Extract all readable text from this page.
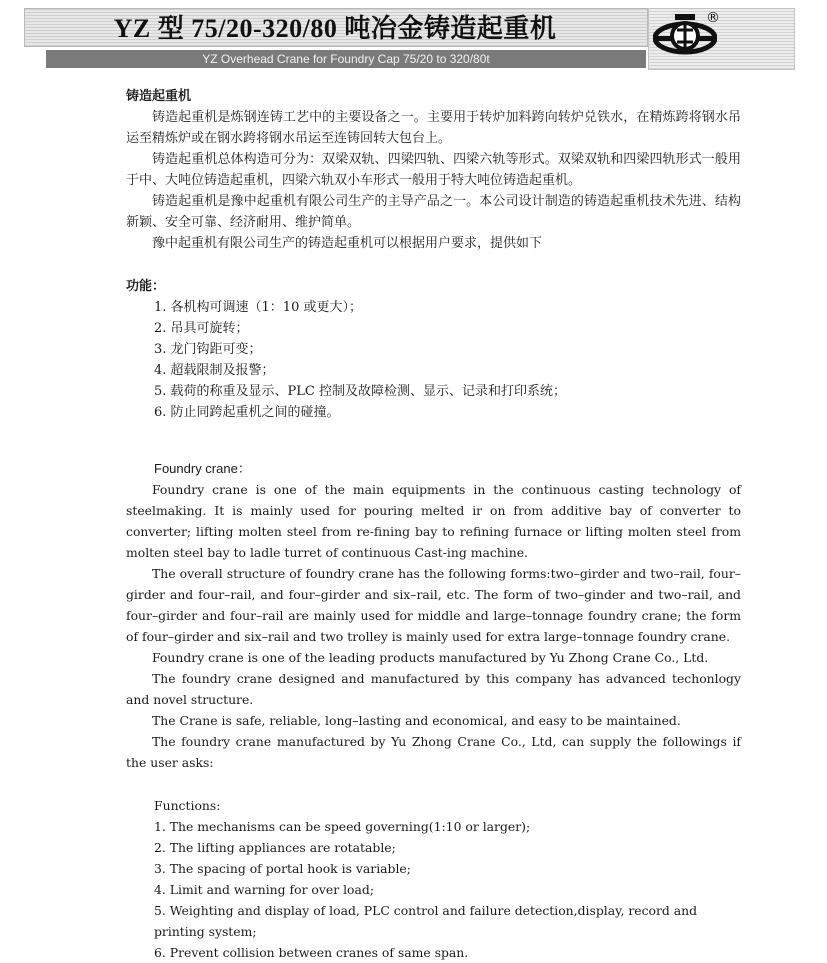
YZ 型 75/20-320/80 吨冶金铸造起重机
YZ Overhead Crane for Foundry Cap 75/20 to 320/80t
®

铸造起重机

铸造起重机是炼钢连铸工艺中的主要设备之一。主要用于转炉加料跨向转炉兑铁水，在精炼跨将钢水吊运至精炼炉或在钢水跨将钢水吊运至连铸回转大包台上。

铸造起重机总体构造可分为：双梁双轨、四梁四轨、四梁六轨等形式。双梁双轨和四梁四轨形式一般用于中、大吨位铸造起重机，四梁六轨双小车形式一般用于特大吨位铸造起重机。

铸造起重机是豫中起重机有限公司生产的主导产品之一。本公司设计制造的铸造起重机技术先进、结构新颖、安全可靠、经济耐用、维护简单。

豫中起重机有限公司生产的铸造起重机可以根据用户要求，提供如下

功能：

1. 各机构可调速（1：10 或更大）；

2. 吊具可旋转；

3. 龙门钩距可变；

4. 超载限制及报警；

5. 载荷的称重及显示、PLC 控制及故障检测、显示、记录和打印系统；

6. 防止同跨起重机之间的碰撞。

Foundry crane：

Foundry crane is one of the main equipments in the continuous casting technology of steelmaking. It is mainly used for pouring melted ir on from additive bay of converter to converter; lifting molten steel from re-fining bay to refining furnace or lifting molten steel from molten steel bay to ladle turret of continuous Cast-ing machine.

The overall structure of foundry crane has the following forms:two–girder and two–rail, four–girder and four–rail, and four–girder and six–rail, etc. The form of two–ginder and two–rail, and four–girder and four–rail are mainly used for middle and large–tonnage foundry crane; the form of four–girder and six–rail and two trolley is mainly used for extra large–tonnage foundry crane.

Foundry crane is one of the leading products manufactured by Yu Zhong Crane Co., Ltd.

The foundry crane designed and manufactured by this company has advanced techonlogy and novel structure.

The Crane is safe, reliable, long–lasting and economical, and easy to be maintained.

The foundry crane manufactured by Yu Zhong Crane Co., Ltd, can supply the followings if the user asks:

Functions:

1. The mechanisms can be speed governing(1:10 or larger);

2. The lifting appliances are rotatable;

3. The spacing of portal hook is variable;

4. Limit and warning for over load;

5. Weighting and display of load, PLC control and failure detection,display, record and printing system;

6. Prevent collision between cranes of same span.
